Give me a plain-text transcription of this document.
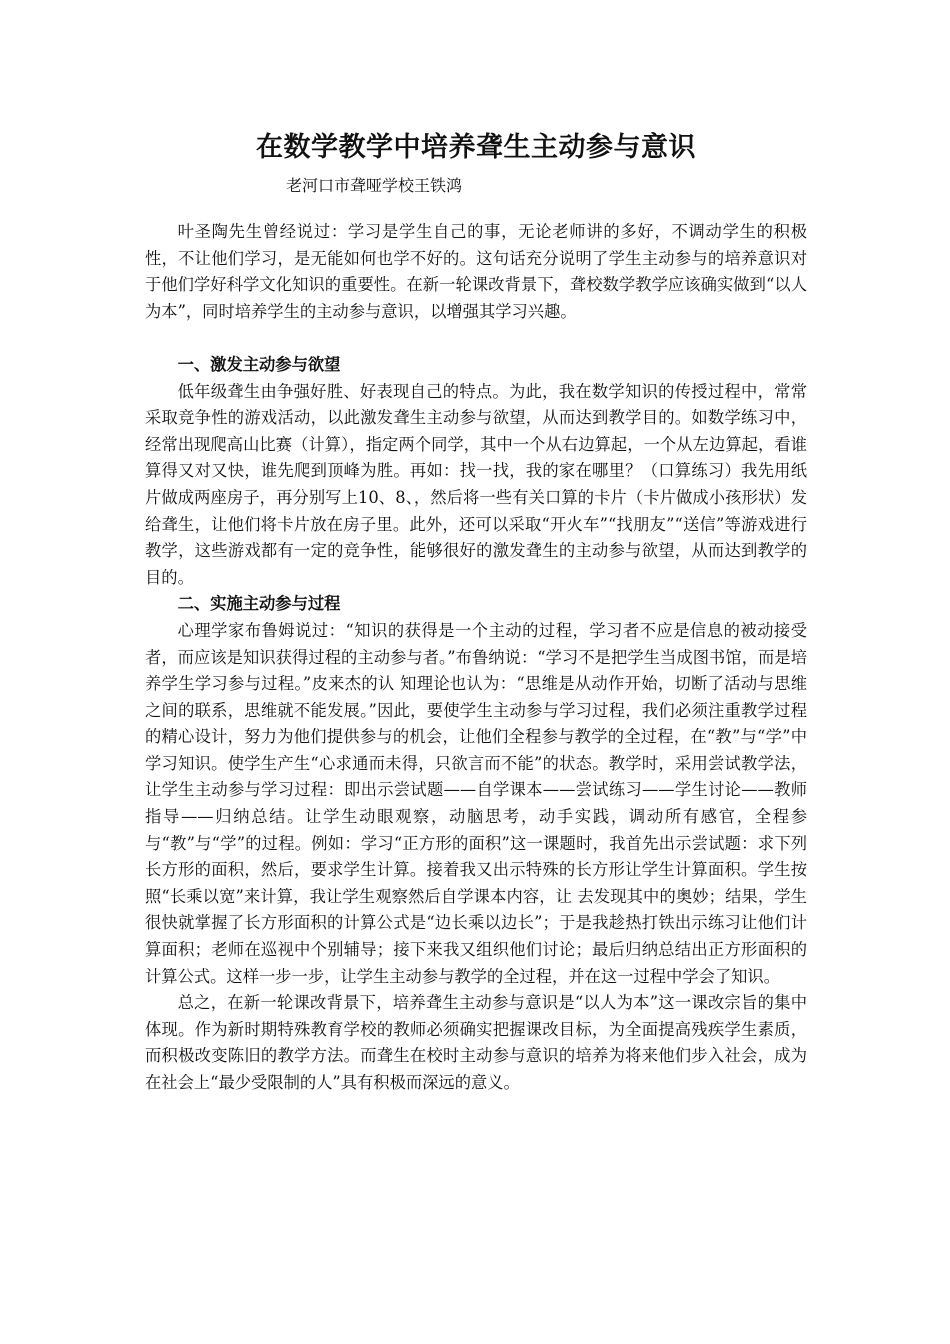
在数学教学中培养聋生主动参与意识
老河口市聋哑学校王铁鸿

叶圣陶先生曾经说过：学习是学生自己的事，无论老师讲的多好，不调动学生的积极性，不让他们学习，是无能如何也学不好的。这句话充分说明了学生主动参与的培养意识对于他们学好科学文化知识的重要性。在新一轮课改背景下，聋校数学教学应该确实做到“以人为本”，同时培养学生的主动参与意识，以增强其学习兴趣。

一、激发主动参与欲望

低年级聋生由争强好胜、好表现自己的特点。为此，我在数学知识的传授过程中，常常采取竞争性的游戏活动，以此激发聋生主动参与欲望，从而达到教学目的。如数学练习中，经常出现爬高山比赛（计算），指定两个同学，其中一个从右边算起，一个从左边算起，看谁算得又对又快，谁先爬到顶峰为胜。再如：找一找，我的家在哪里？（口算练习）我先用纸片做成两座房子，再分别写上10、8、，然后将一些有关口算的卡片（卡片做成小孩形状）发给聋生，让他们将卡片放在房子里。此外，还可以采取“开火车”“找朋友”“送信”等游戏进行教学，这些游戏都有一定的竞争性，能够很好的激发聋生的主动参与欲望，从而达到教学的目的。

二、实施主动参与过程

心理学家布鲁姆说过：“知识的获得是一个主动的过程，学习者不应是信息的被动接受者，而应该是知识获得过程的主动参与者。”布鲁纳说：“学习不是把学生当成图书馆，而是培养学生学习参与过程。”皮来杰的认 知理论也认为：“思维是从动作开始，切断了活动与思维之间的联系，思维就不能发展。”因此，要使学生主动参与学习过程，我们必须注重教学过程的精心设计，努力为他们提供参与的机会，让他们全程参与教学的全过程，在“教”与“学”中学习知识。使学生产生“心求通而未得，只欲言而不能”的状态。教学时，采用尝试教学法，让学生主动参与学习过程：即出示尝试题——自学课本——尝试练习——学生讨论——教师指导——归纳总结。让学生动眼观察，动脑思考，动手实践，调动所有感官，全程参与“教”与“学”的过程。例如：学习“正方形的面积”这一课题时，我首先出示尝试题：求下列长方形的面积，然后，要求学生计算。接着我又出示特殊的长方形让学生计算面积。学生按照“长乘以宽”来计算，我让学生观察然后自学课本内容，让 去发现其中的奥妙；结果，学生很快就掌握了长方形面积的计算公式是“边长乘以边长”；于是我趁热打铁出示练习让他们计算面积；老师在巡视中个别辅导；接下来我又组织他们讨论；最后归纳总结出正方形面积的计算公式。这样一步一步，让学生主动参与教学的全过程，并在这一过程中学会了知识。

总之，在新一轮课改背景下，培养聋生主动参与意识是“以人为本”这一课改宗旨的集中体现。作为新时期特殊教育学校的教师必须确实把握课改目标，为全面提高残疾学生素质，而积极改变陈旧的教学方法。而聋生在校时主动参与意识的培养为将来他们步入社会，成为在社会上“最少受限制的人”具有积极而深远的意义。
